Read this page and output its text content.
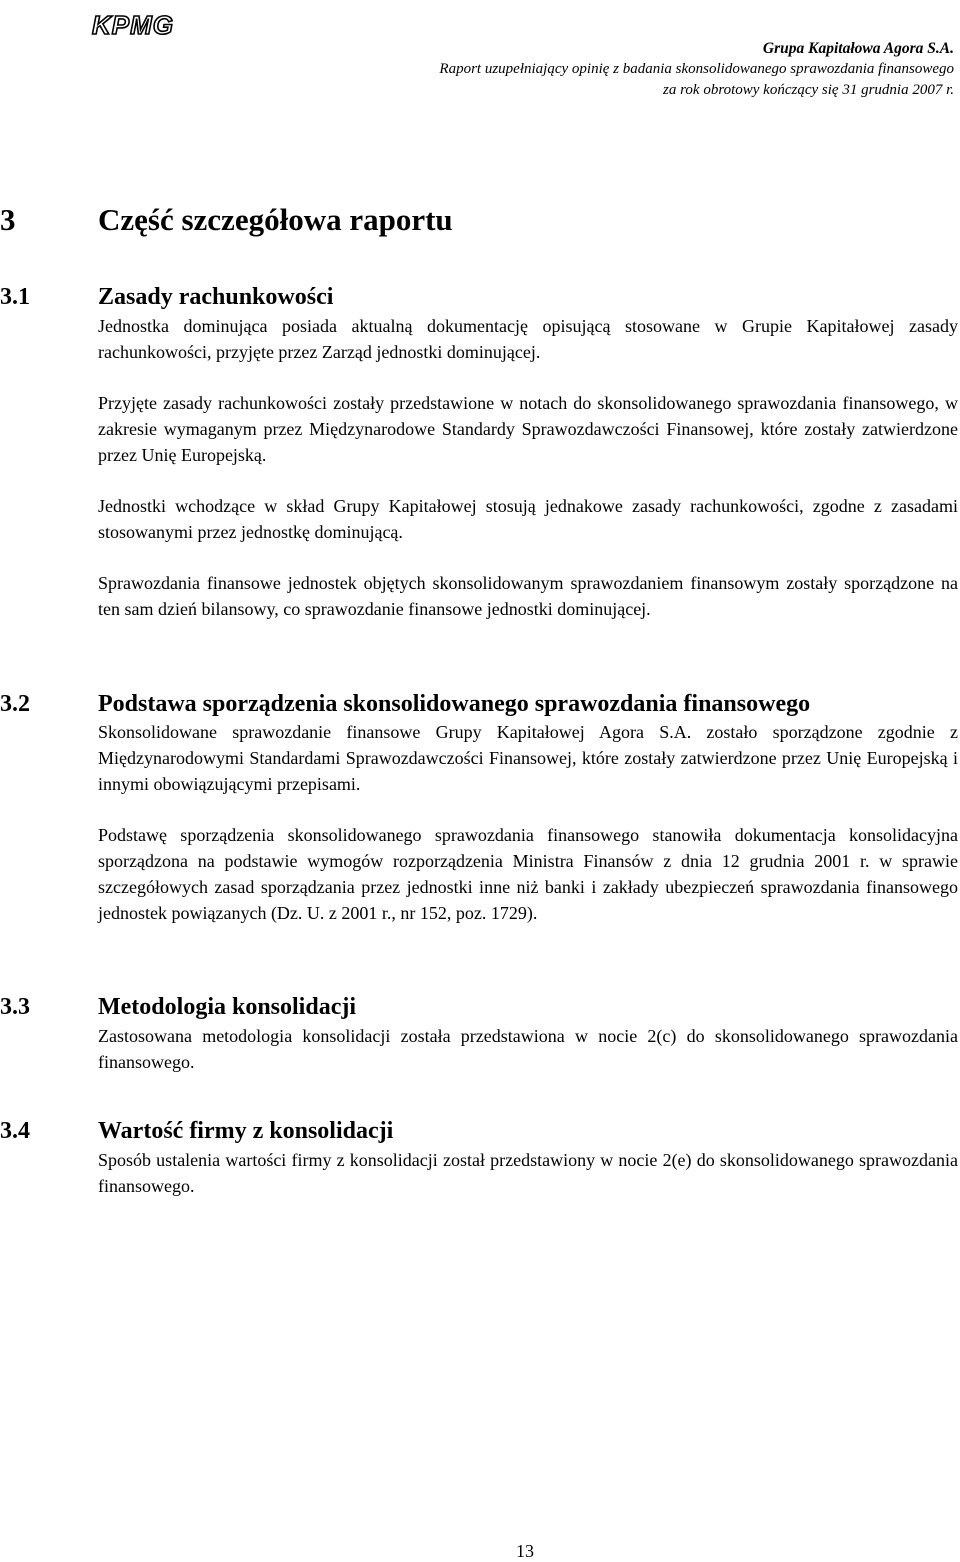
KPMG
Grupa Kapitałowa Agora S.A.
Raport uzupełniający opinię z badania skonsolidowanego sprawozdania finansowego
za rok obrotowy kończący się 31 grudnia 2007 r.
3	Część szczegółowa raportu
3.1	Zasady rachunkowości
Jednostka dominująca posiada aktualną dokumentację opisującą stosowane w Grupie Kapitałowej zasady rachunkowości, przyjęte przez Zarząd jednostki dominującej.
Przyjęte zasady rachunkowości zostały przedstawione w notach do skonsolidowanego sprawozdania finansowego, w zakresie wymaganym przez Międzynarodowe Standardy Sprawozdawczości Finansowej, które zostały zatwierdzone przez Unię Europejską.
Jednostki wchodzące w skład Grupy Kapitałowej stosują jednakowe zasady rachunkowości, zgodne z zasadami stosowanymi przez jednostkę dominującą.
Sprawozdania finansowe jednostek objętych skonsolidowanym sprawozdaniem finansowym zostały sporządzone na ten sam dzień bilansowy, co sprawozdanie finansowe jednostki dominującej.
3.2	Podstawa sporządzenia skonsolidowanego sprawozdania finansowego
Skonsolidowane sprawozdanie finansowe Grupy Kapitałowej Agora S.A. zostało sporządzone zgodnie z Międzynarodowymi Standardami Sprawozdawczości Finansowej, które zostały zatwierdzone przez Unię Europejską i innymi obowiązującymi przepisami.
Podstawę sporządzenia skonsolidowanego sprawozdania finansowego stanowiła dokumentacja konsolidacyjna sporządzona na podstawie wymogów rozporządzenia Ministra Finansów z dnia 12 grudnia 2001 r. w sprawie szczegółowych zasad sporządzania przez jednostki inne niż banki i zakłady ubezpieczeń sprawozdania finansowego jednostek powiązanych (Dz. U. z 2001 r., nr 152, poz. 1729).
3.3	Metodologia konsolidacji
Zastosowana metodologia konsolidacji została przedstawiona w nocie 2(c) do skonsolidowanego sprawozdania finansowego.
3.4	Wartość firmy z konsolidacji
Sposób ustalenia wartości firmy z konsolidacji został przedstawiony w nocie 2(e) do skonsolidowanego sprawozdania finansowego.
13
